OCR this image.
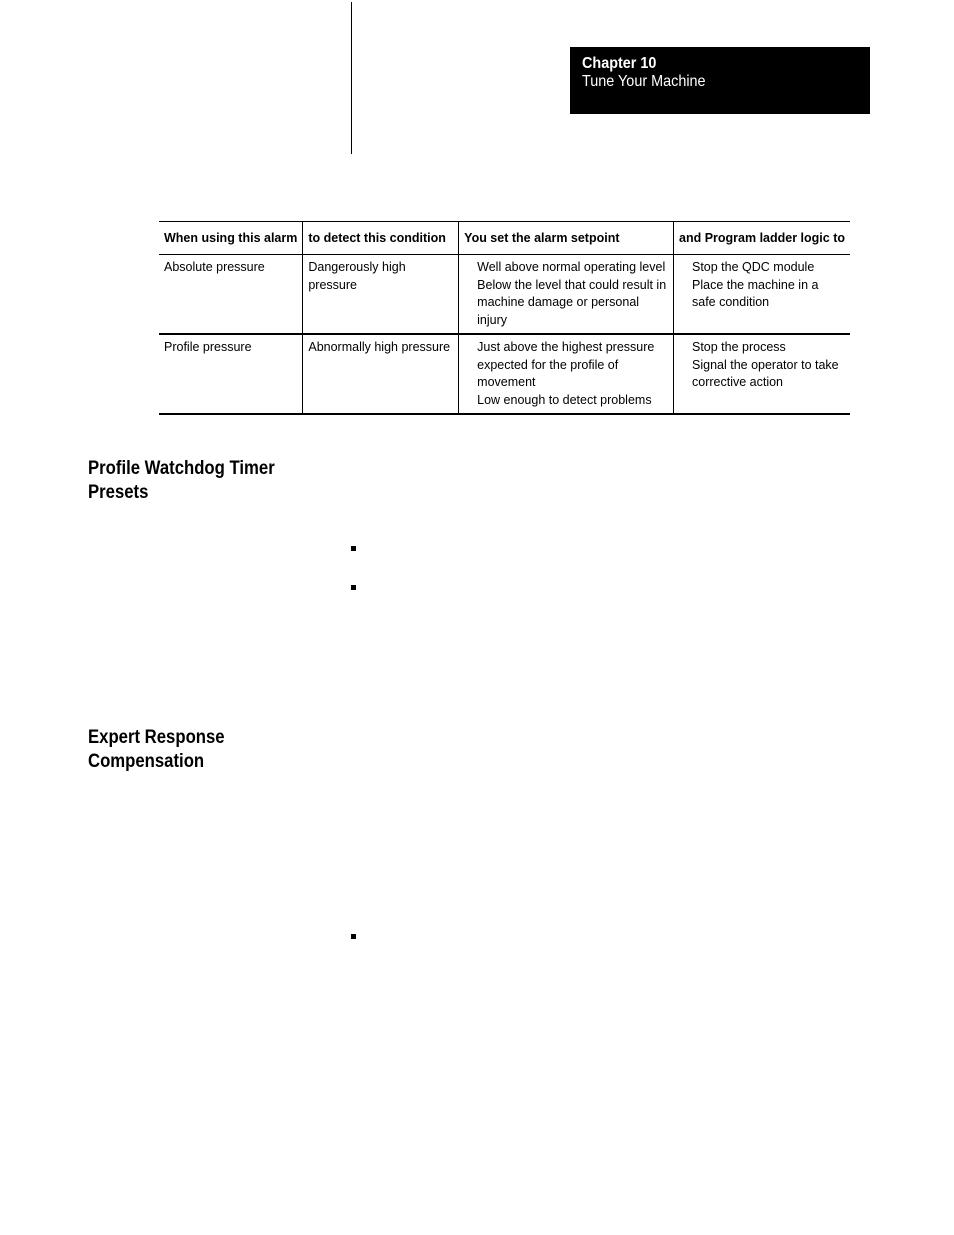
Chapter 10
Tune Your Machine
When using this alarm	to detect this condition	You set the alarm setpoint	and Program ladder logic to
Absolute pressure	Dangerously high pressure	Well above normal operating level
Below the level that could result in
machine damage or personal injury	Stop the QDC module
Place the machine in a
safe condition

Profile pressure	Abnormally high pressure	Just above the highest pressure
expected for the profile of movement
Low enough to detect problems	Stop the process
Signal the operator to take
corrective action
Profile Watchdog Timer
Presets
Expert Response
Compensation
